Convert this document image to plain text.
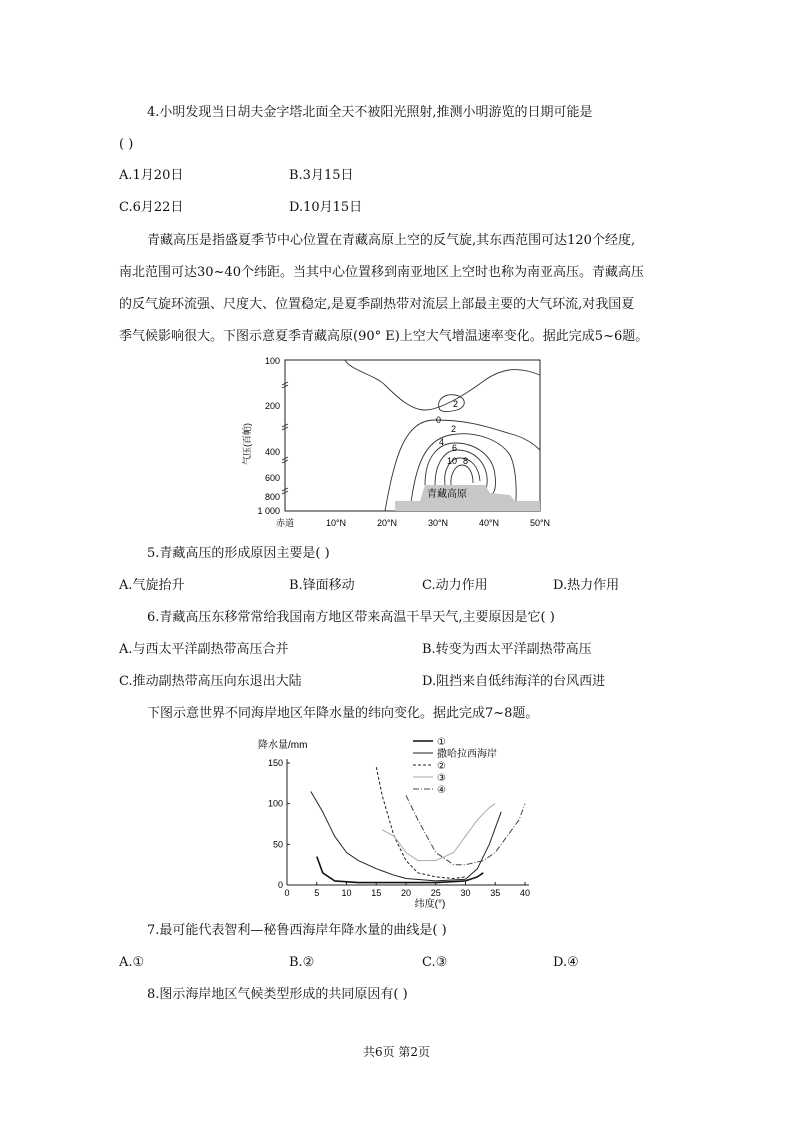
4.小明发现当日胡夫金字塔北面全天不被阳光照射,推测小明游览的日期可能是
( )
A.1月20日	B.3月15日
C.6月22日	D.10月15日
青藏高压是指盛夏季节中心位置在青藏高原上空的反气旋,其东西范围可达120个经度,
南北范围可达30~40个纬距。当其中心位置移到南亚地区上空时也称为南亚高压。青藏高压
的反气旋环流强、尺度大、位置稳定,是夏季副热带对流层上部最主要的大气环流,对我国夏
季气候影响很大。下图示意夏季青藏高原(90° E)上空大气增温速率变化。据此完成5~6题。
100
200
400
600
800
1 000
气压(百帕)
赤道	10°N	20°N	30°N	40°N	50°N
2
0
2
4
6
10 8
青藏高原
5.青藏高压的形成原因主要是( )
A.气旋抬升	B.锋面移动	C.动力作用	D.热力作用
6.青藏高压东移常常给我国南方地区带来高温干旱天气,主要原因是它( )
A.与西太平洋副热带高压合并	B.转变为西太平洋副热带高压
C.推动副热带高压向东退出大陆	D.阻挡来自低纬海洋的台风西进
下图示意世界不同海岸地区年降水量的纬向变化。据此完成7~8题。
降水量/mm
0
50
100
150
0	5 10 15 20 25 30 35 40
①
撒哈拉西海岸
②
③
④
纬度(°)
7.最可能代表智利—秘鲁西海岸年降水量的曲线是( )
A.①	B.②	C.③	D.④
8.图示海岸地区气候类型形成的共同原因有( )
共6页 第2页
